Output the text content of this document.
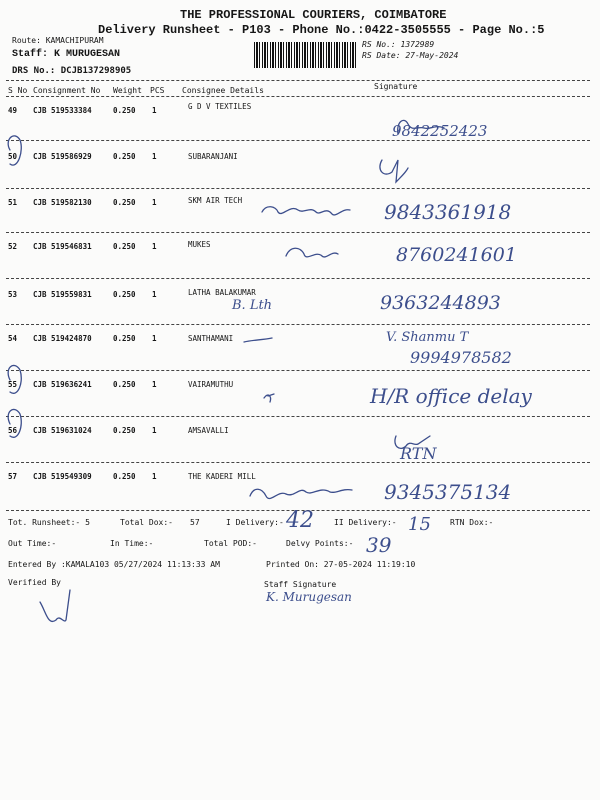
THE PROFESSIONAL COURIERS, COIMBATORE
Delivery Runsheet - P103 - Phone No.:0422-3505555 - Page No.:5
Route: KAMACHIPURAM
Staff: K MURUGESAN
DRS No.: DCJB137298905
RS No.: 1372989
RS Date: 27-May-2024
S No Consignment No Weight PCS Consignee Details	Signature
49 CJB 519533384	0.250 1	G D V TEXTILES
9842252423
50 CJB 519586929	0.250 1	SUBARANJANI
51 CJB 519582130	0.250 1	SKM AIR TECH	9843361918
52 CJB 519546831	0.250 1	MUKES	8760241601
53 CJB 519559831	0.250 1	LATHA BALAKUMAR
B. Lth	9363244893
54 CJB 519424870	0.250 1	SANTHAMANI	V. Shanmu T
9994978582
55 CJB 519636241	0.250 1	VAIRAMUTHU	H/R office delay
56 CJB 519631024	0.250 1	AMSAVALLI
RTN
57 CJB 519549309	0.250 1	THE KADERI MILL
9345375134
Tot. Runsheet:- 5	Total Dox:- 57	I Delivery:- 42	II Delivery:- 15 RTN Dox:-
Out Time:-	In Time:-	Total POD:-	Delvy Points:- 39
Entered By :KAMALA103 05/27/2024 11:13:33 AM	Printed On: 27-05-2024 11:19:10
Verified By	Staff Signature
K. Murugesan
